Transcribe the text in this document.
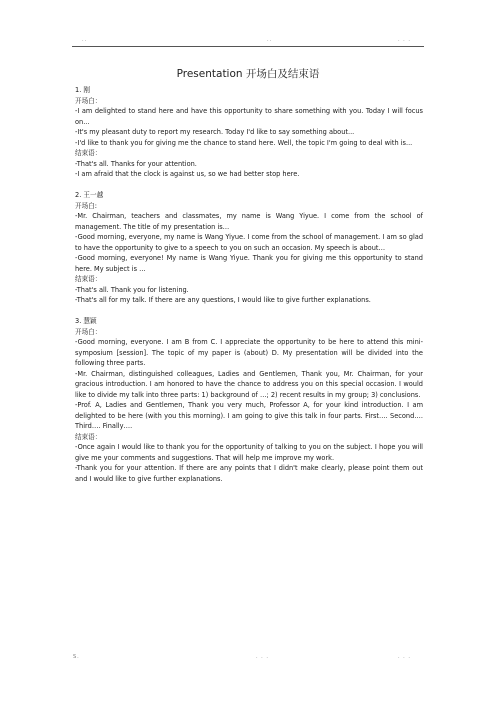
..	..	. . .
Presentation 开场白及结束语

1. 刚

开场白：

-I am delighted to stand here and have this opportunity to share something with you. Today I will focus on...

-It's my pleasant duty to report my research. Today I'd like to say something about...

-I'd like to thank you for giving me the chance to stand here. Well, the topic I'm going to deal with is...

结束语：

-That's all. Thanks for your attention.

-I am afraid that the clock is against us, so we had better stop here.

2. 王一越

开场白:

-Mr. Chairman, teachers and classmates, my name is Wang Yiyue. I come from the school of management. The title of my presentation is…

-Good morning, everyone, my name is Wang Yiyue. I come from the school of management. I am so glad to have the opportunity to give to a speech to you on such an occasion. My speech is about…

-Good morning, everyone! My name is Wang Yiyue. Thank you for giving me this opportunity to stand here. My subject is …

结束语：

-That's all. Thank you for listening.

-That's all for my talk. If there are any questions, I would like to give further explanations.

3. 慧颖

开场白：

-Good morning, everyone. I am B from C. I appreciate the opportunity to be here to attend this mini-symposium [session]. The topic of my paper is (about) D. My presentation will be divided into the following three parts.

-Mr. Chairman, distinguished colleagues, Ladies and Gentlemen, Thank you, Mr. Chairman, for your gracious introduction. I am honored to have the chance to address you on this special occasion. I would like to divide my talk into three parts: 1) background of …; 2) recent results in my group; 3) conclusions.

-Prof. A, Ladies and Gentlemen, Thank you very much, Professor A, for your kind introduction. I am delighted to be here (with you this morning). I am going to give this talk in four parts. First…. Second…. Third…. Finally….

结束语：

-Once again I would like to thank you for the opportunity of talking to you on the subject. I hope you will give me your comments and suggestions. That will help me improve my work.

-Thank you for your attention. If there are any points that I didn't make clearly, please point them out and I would like to give further explanations.

S.	. . .	. . .
